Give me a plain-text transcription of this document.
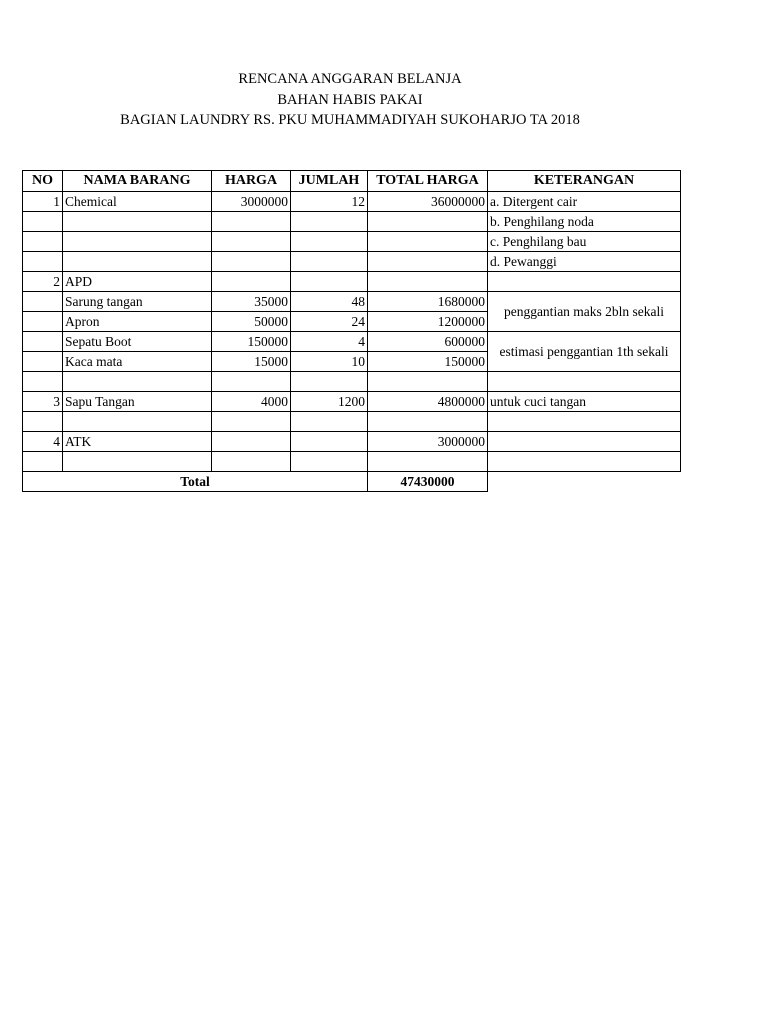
RENCANA ANGGARAN BELANJA
BAHAN HABIS PAKAI
BAGIAN LAUNDRY RS. PKU MUHAMMADIYAH SUKOHARJO TA 2018
NO	NAMA BARANG	HARGA	JUMLAH	TOTAL HARGA	KETERANGAN
1	Chemical	3000000	12	36000000	a. Ditergent cair
					b. Penghilang noda
					c. Penghilang bau
					d. Pewanggi
2	APD				
	Sarung tangan	35000	48	1680000	penggantian maks 2bln sekali
	Apron	50000	24	1200000	
	Sepatu Boot	150000	4	600000	estimasi penggantian 1th sekali
	Kaca mata	15000	10	150000	

3	Sapu Tangan	4000	1200	4800000	untuk cuci tangan

4	ATK			3000000	

Total				47430000	
